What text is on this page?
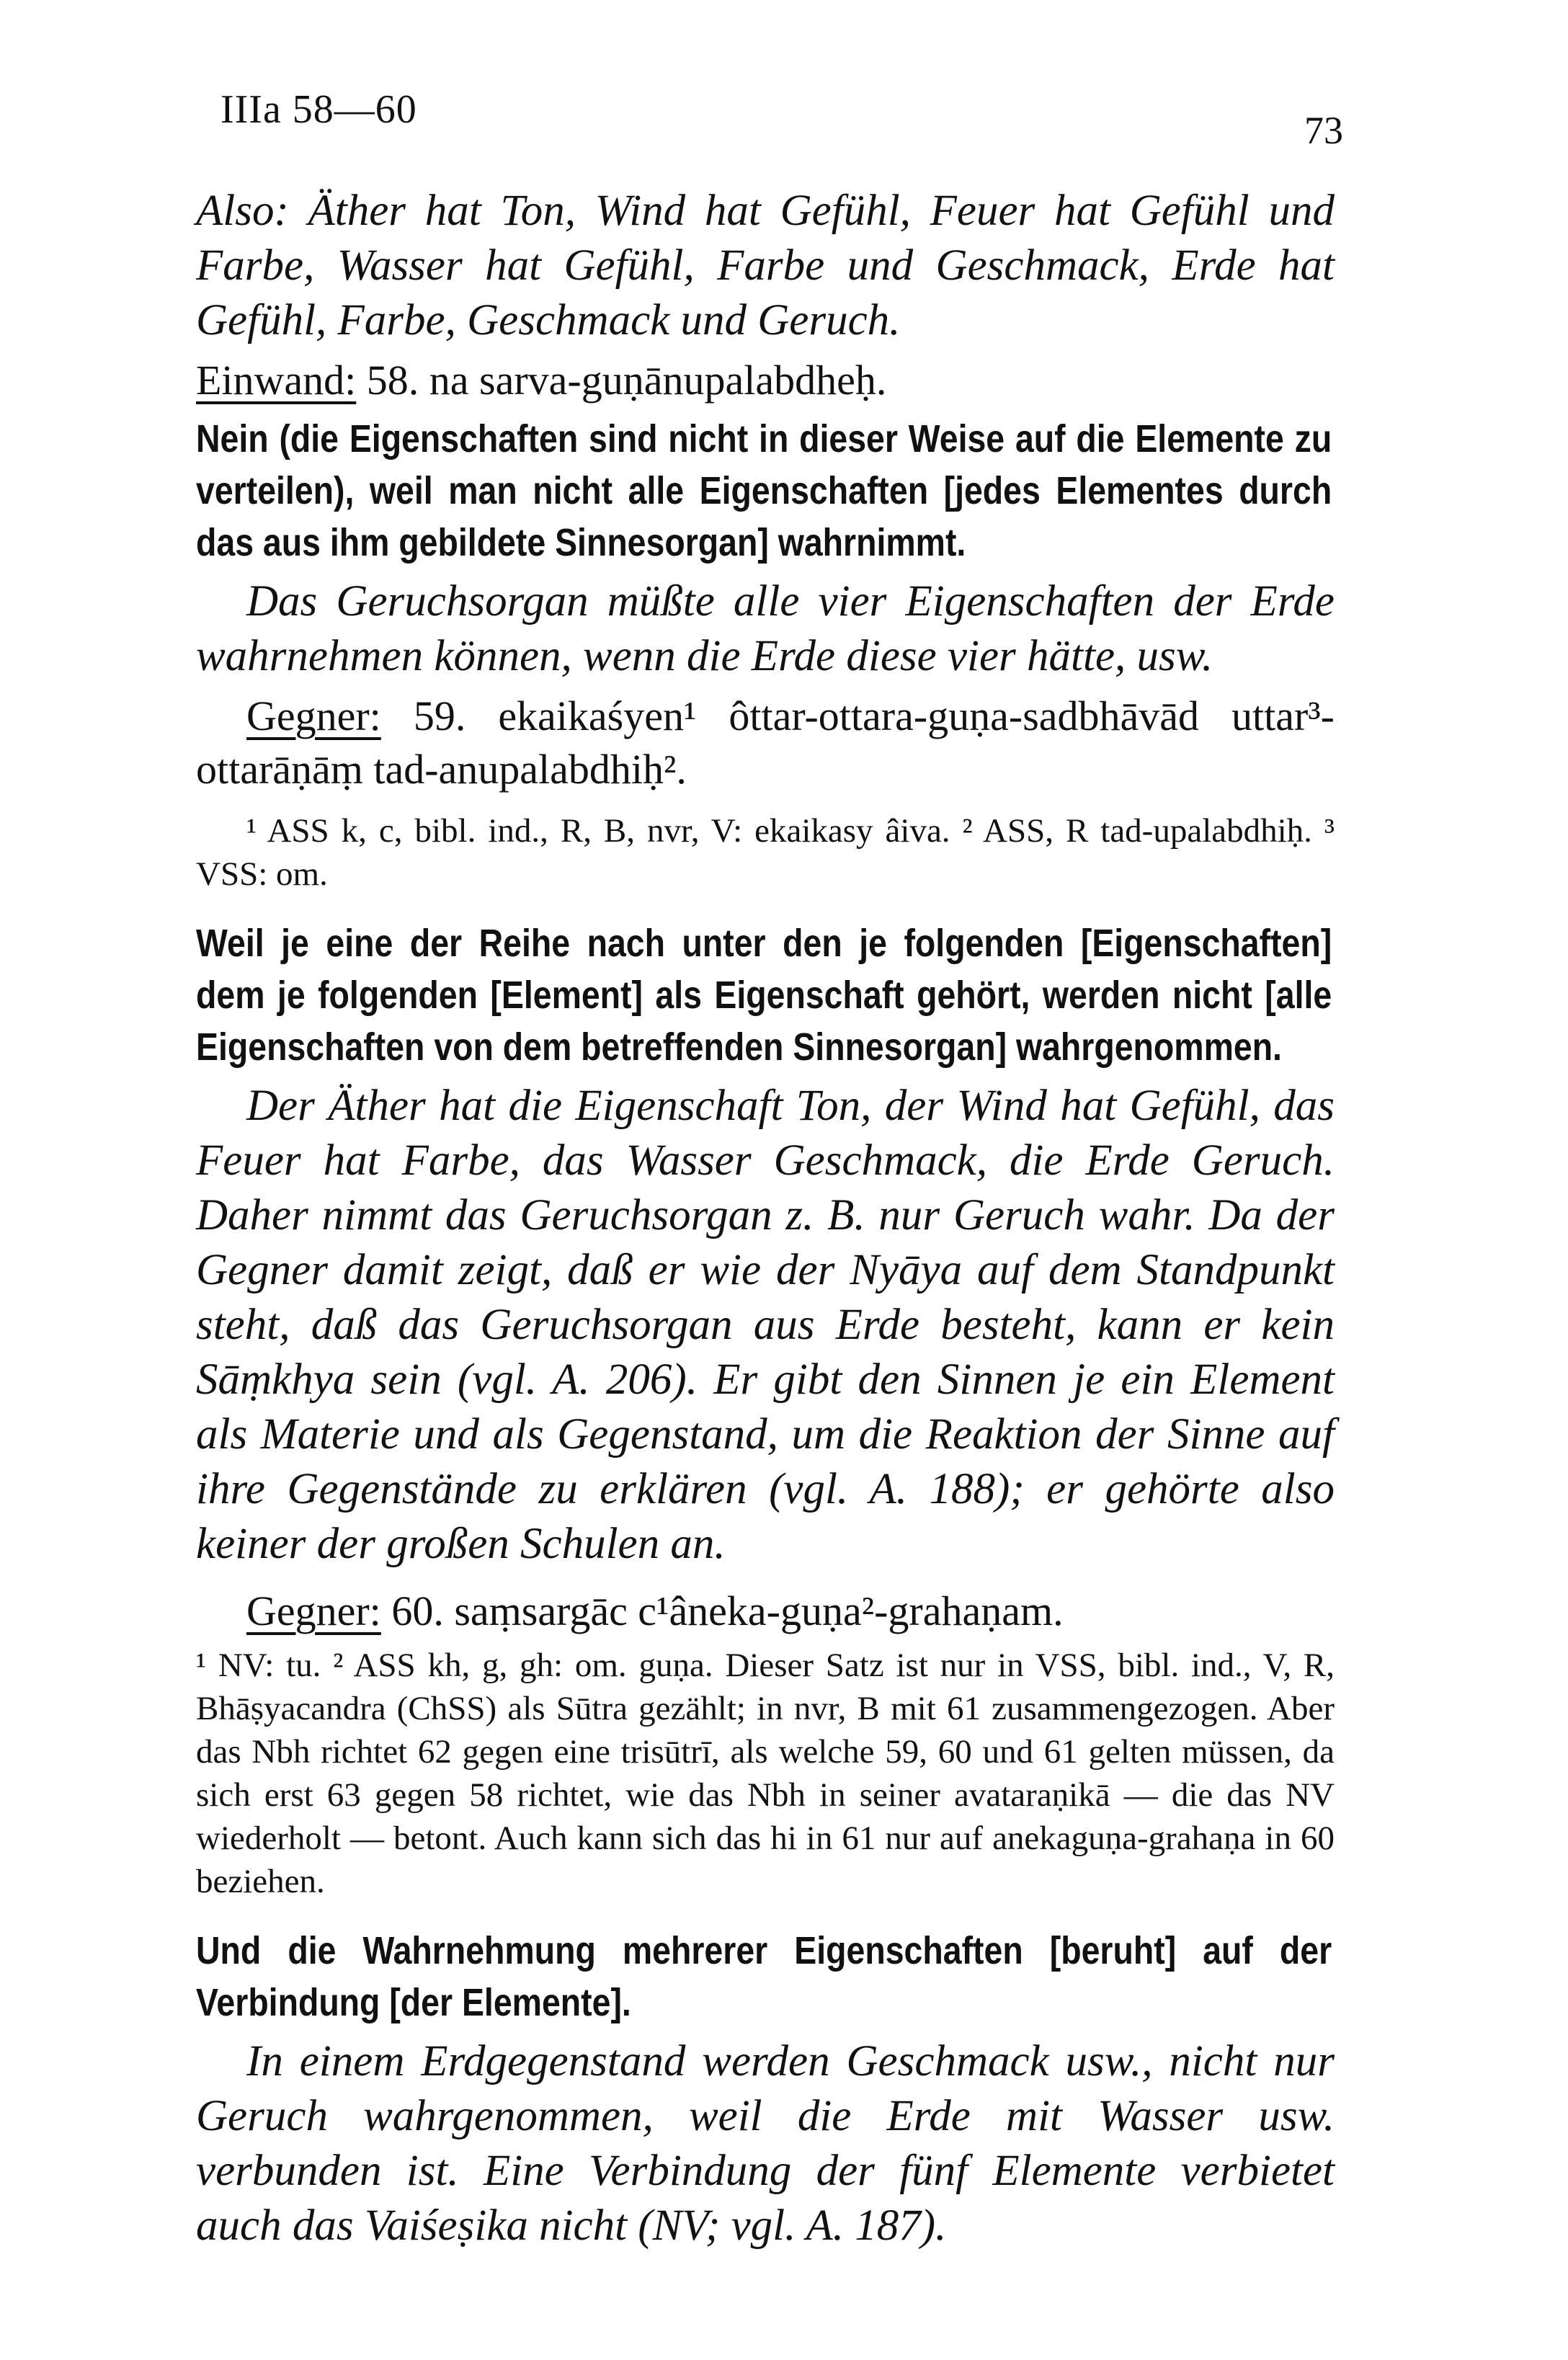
IIIa 58—60	73

Also: Äther hat Ton, Wind hat Gefühl, Feuer hat Gefühl und Farbe, Wasser hat Gefühl, Farbe und Geschmack, Erde hat Gefühl, Farbe, Geschmack und Geruch.

Einwand: 58. na sarva-guṇānupalabdheḥ.

Nein (die Eigenschaften sind nicht in dieser Weise auf die Elemente zu verteilen), weil man nicht alle Eigenschaften [jedes Elementes durch das aus ihm gebildete Sinnesorgan] wahrnimmt.

Das Geruchsorgan müßte alle vier Eigenschaften der Erde wahrnehmen können, wenn die Erde diese vier hätte, usw.

Gegner: 59. ekaikaśyen¹ ôttar-ottara-guṇa-sadbhāvād uttar³-ottarāṇāṃ tad-anupalabdhiḥ².

¹ ASS k, c, bibl. ind., R, B, nvr, V: ekaikasy âiva. ² ASS, R tad-upalabdhiḥ. ³ VSS: om.

Weil je eine der Reihe nach unter den je folgenden [Eigenschaften] dem je folgenden [Element] als Eigenschaft gehört, werden nicht [alle Eigenschaften von dem betreffenden Sinnesorgan] wahrgenommen.

Der Äther hat die Eigenschaft Ton, der Wind hat Gefühl, das Feuer hat Farbe, das Wasser Geschmack, die Erde Geruch. Daher nimmt das Geruchsorgan z. B. nur Geruch wahr. Da der Gegner damit zeigt, daß er wie der Nyāya auf dem Standpunkt steht, daß das Geruchsorgan aus Erde besteht, kann er kein Sāṃkhya sein (vgl. A. 206). Er gibt den Sinnen je ein Element als Materie und als Gegenstand, um die Reaktion der Sinne auf ihre Gegenstände zu erklären (vgl. A. 188); er gehörte also keiner der großen Schulen an.

Gegner: 60. saṃsargāc c¹âneka-guṇa²-grahaṇam.

¹ NV: tu. ² ASS kh, g, gh: om. guṇa. Dieser Satz ist nur in VSS, bibl. ind., V, R, Bhāṣyacandra (ChSS) als Sūtra gezählt; in nvr, B mit 61 zusammengezogen. Aber das Nbh richtet 62 gegen eine trisūtrī, als welche 59, 60 und 61 gelten müssen, da sich erst 63 gegen 58 richtet, wie das Nbh in seiner avataraṇikā — die das NV wiederholt — betont. Auch kann sich das hi in 61 nur auf anekaguṇa-grahaṇa in 60 beziehen.

Und die Wahrnehmung mehrerer Eigenschaften [beruht] auf der Verbindung [der Elemente].

In einem Erdgegenstand werden Geschmack usw., nicht nur Geruch wahrgenommen, weil die Erde mit Wasser usw. verbunden ist. Eine Verbindung der fünf Elemente verbietet auch das Vaiśeṣika nicht (NV; vgl. A. 187).
